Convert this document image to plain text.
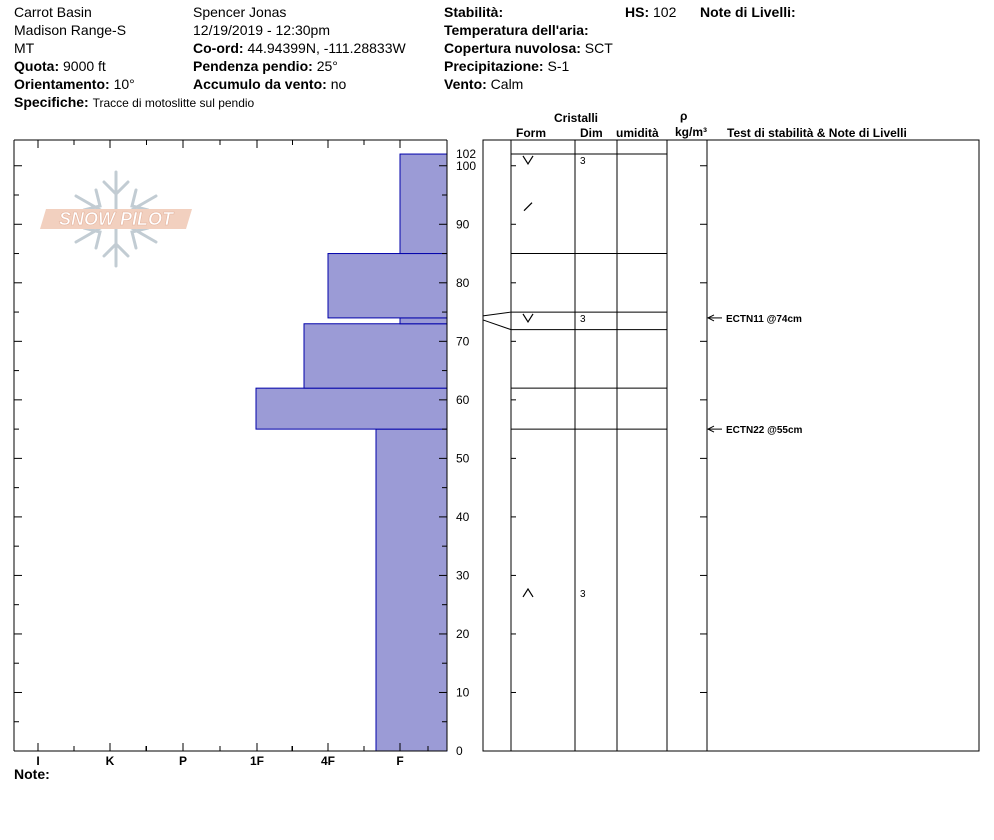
Carrot Basin
Madison Range-S
MT
Quota: 9000 ft
Orientamento: 10°
Specifiche: Tracce di motoslitte sul pendio
Spencer Jonas
12/19/2019 - 12:30pm
Co-ord: 44.94399N, -111.28833W
Pendenza pendio: 25°
Accumulo da vento: no
Stabilità:
Temperatura dell'aria:
Copertura nuvolosa: SCT
Precipitazione: S-1
Vento: Calm
HS: 102 Note di Livelli:
Cristalli
Form	Dim umidità
ρ
kg/m³ Test di stabilità & Note di Livelli
Note:
SNOW PILOT
0
10
20
30
40
50
60
70
80
90
100
102
I	K	P	1F	4F	F
3
3
3
ECTN11 @74cm
ECTN22 @55cm
